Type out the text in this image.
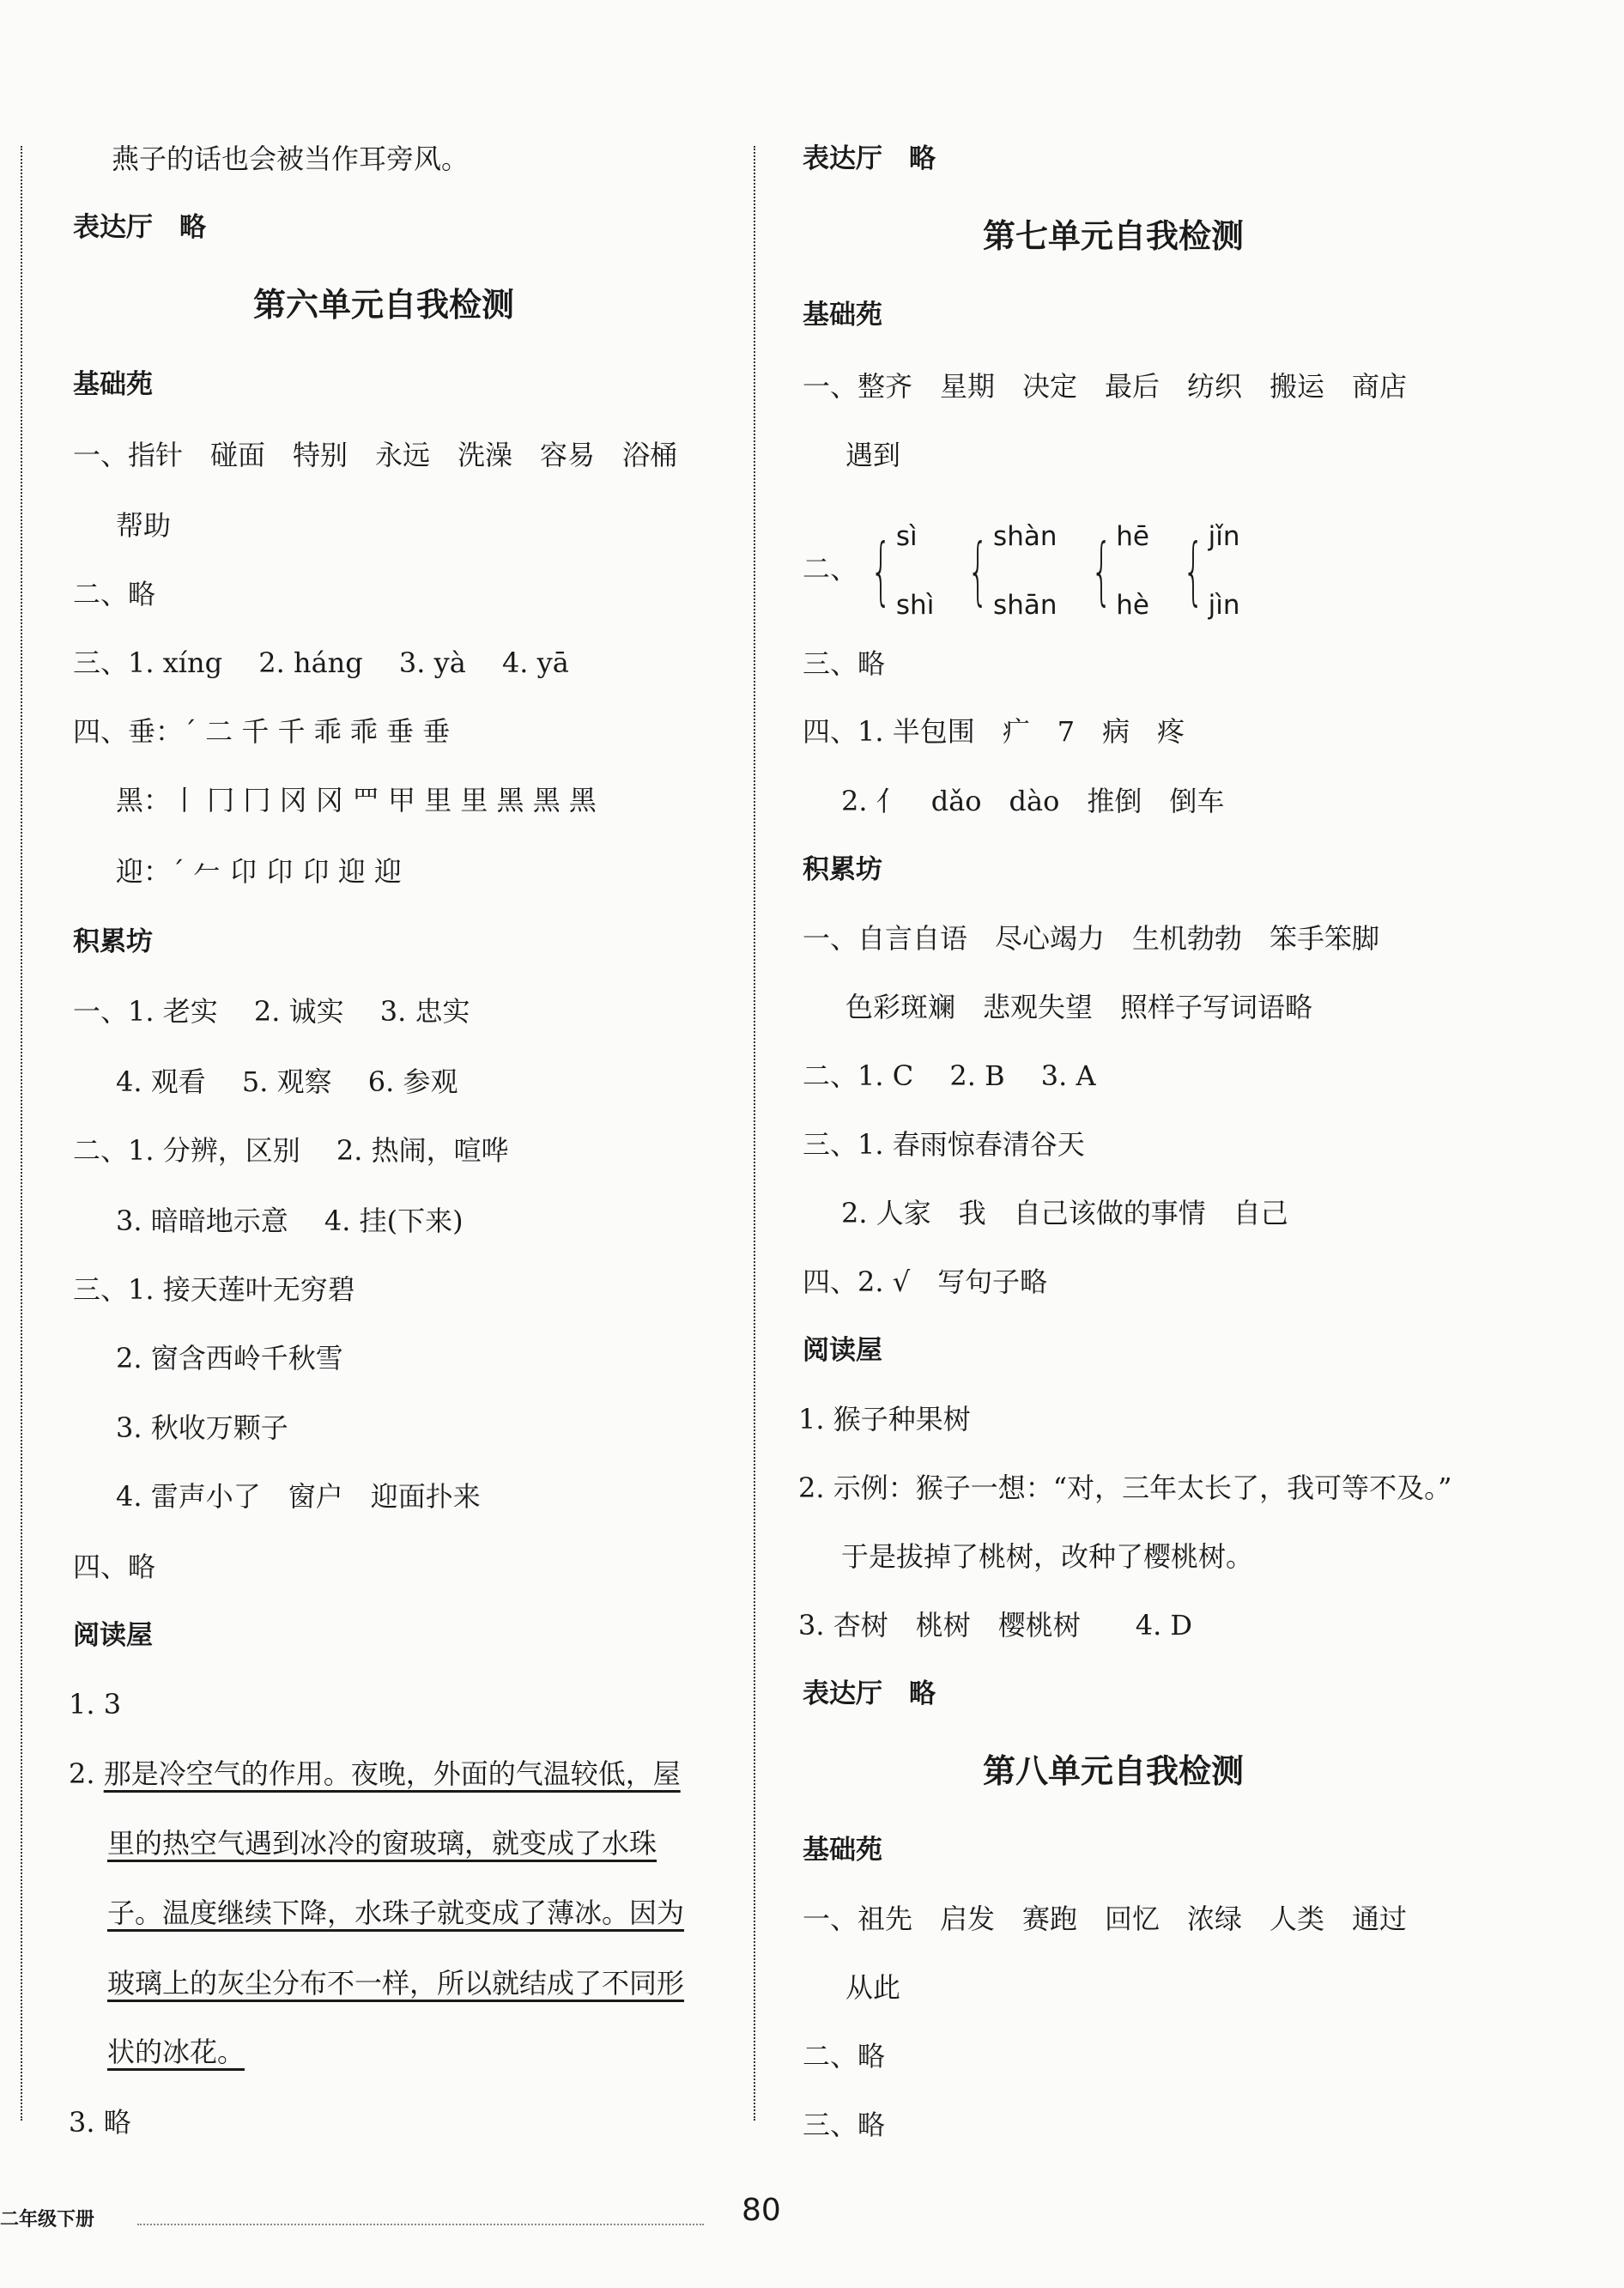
燕子的话也会被当作耳旁风。
表达厅　略
第六单元自我检测
基础苑
一、指针　碰面　特别　永远　洗澡　容易　浴桶
帮助
二、略
三、1. xíng　 2. háng　 3. yà　 4. yā
四、垂：ˊ 二 千 千 乖 乖 垂 垂
黑：丨 冂 冂 冈 冈 罒 甲 里 里 黑 黑 黑
迎：ˊ 𠂉 卬 卬 卬 迎 迎
积累坊
一、1. 老实　 2. 诚实　 3. 忠实
4. 观看　 5. 观察　 6. 参观
二、1. 分辨，区别　 2. 热闹，喧哗
3. 暗暗地示意　 4. 挂(下来)
三、1. 接天莲叶无穷碧
2. 窗含西岭千秋雪
3. 秋收万颗子
4. 雷声小了　窗户　迎面扑来
四、略
阅读屋
1. 3
2. 那是冷空气的作用。夜晚，外面的气温较低，屋
里的热空气遇到冰冷的窗玻璃，就变成了水珠
子。温度继续下降，水珠子就变成了薄冰。因为
玻璃上的灰尘分布不一样，所以就结成了不同形
状的冰花。
3. 略
表达厅　略
第七单元自我检测
基础苑
一、整齐　星期　决定　最后　纺织　搬运　商店
遇到
三、略
四、1. 半包围　疒　7　病　疼
2. 亻　dǎo　dào　推倒　倒车
积累坊
一、自言自语　尽心竭力　生机勃勃　笨手笨脚
色彩斑斓　悲观失望　照样子写词语略
二、1. C　 2. B　 3. A
三、1. 春雨惊春清谷天
2. 人家　我　自己该做的事情　自己
四、2. √　写句子略
阅读屋
1. 猴子种果树
2. 示例：猴子一想：“对，三年太长了，我可等不及。”
于是拔掉了桃树，改种了樱桃树。
3. 杏树　桃树　樱桃树　　4. D
表达厅　略
第八单元自我检测
基础苑
一、祖先　启发　赛跑　回忆　浓绿　人类　通过
从此
二、略
三、略
二、 { sì
shì { shàn
shān { hē
hè { jǐn
jìn
二年级下册	80
